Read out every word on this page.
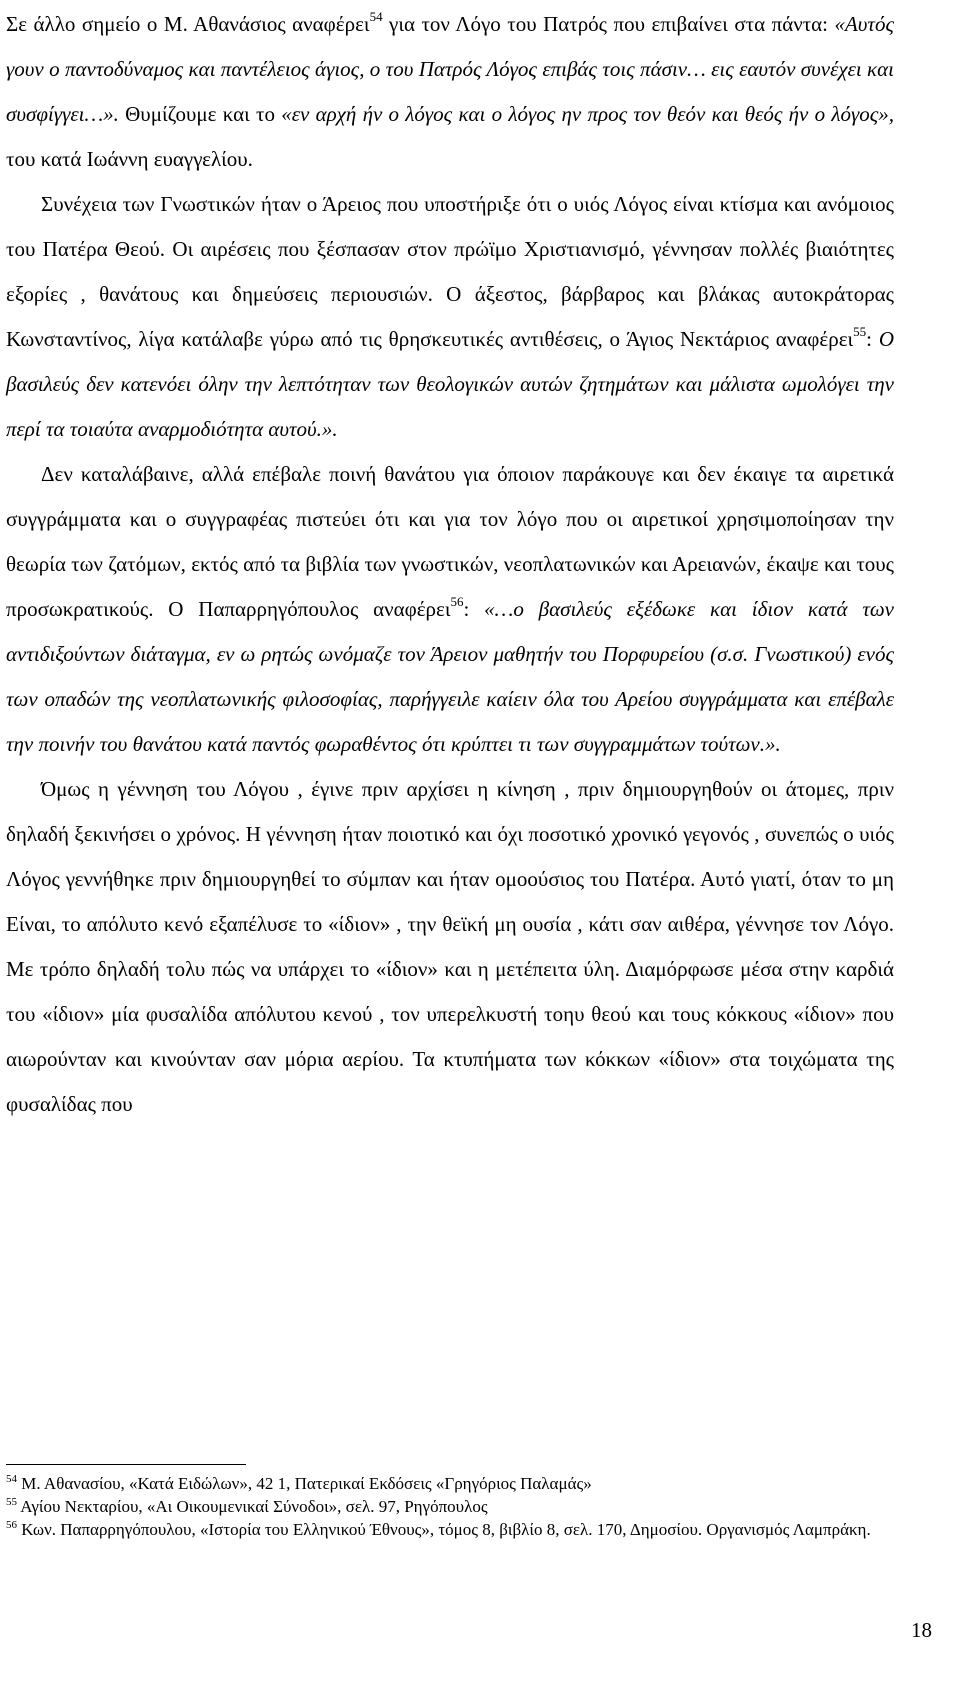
Σε άλλο σημείο ο Μ. Αθανάσιος αναφέρει$^{54}$ για τον Λόγο του Πατρός που επιβαίνει στα πάντα: «Αυτός γουν ο παντοδύναμος και παντέλειος άγιος, ο του Πατρός Λόγος επιβάς τοις πάσιν… εις εαυτόν συνέχει και συσφίγγει…». Θυμίζουμε και το «εν αρχή ήν ο λόγος και ο λόγος ην προς τον θεόν και θεός ήν ο λόγος», του κατά Ιωάννη ευαγγελίου.

Συνέχεια των Γνωστικών ήταν ο Άρειος που υποστήριξε ότι ο υιός Λόγος είναι κτίσμα και ανόμοιος του Πατέρα Θεού. Οι αιρέσεις που ξέσπασαν στον πρώϊμο Χριστιανισμό, γέννησαν πολλές βιαιότητες εξορίες , θανάτους και δημεύσεις περιουσιών. Ο άξεστος, βάρβαρος και βλάκας αυτοκράτορας Κωνσταντίνος, λίγα κατάλαβε γύρω από τις θρησκευτικές αντιθέσεις, ο Άγιος Νεκτάριος αναφέρει$^{55}$: Ο βασιλεύς δεν κατενόει όλην την λεπτότηταν των θεολογικών αυτών ζητημάτων και μάλιστα ωμολόγει την περί τα τοιαύτα αναρμοδιότητα αυτού.».

Δεν καταλάβαινε, αλλά επέβαλε ποινή θανάτου για όποιον παράκουγε και δεν έκαιγε τα αιρετικά συγγράμματα και ο συγγραφέας πιστεύει ότι και για τον λόγο που οι αιρετικοί χρησιμοποίησαν την θεωρία των ζατόμων, εκτός από τα βιβλία των γνωστικών, νεοπλατωνικών και Αρειανών, έκαψε και τους προσωκρατικούς. Ο Παπαρρηγόπουλος αναφέρει$^{56}$: «…ο βασιλεύς εξέδωκε και ίδιον κατά των αντιδιξούντων διάταγμα, εν ω ρητώς ωνόμαζε τον Άρειον μαθητήν του Πορφυρείου (σ.σ. Γνωστικού) ενός των οπαδών της νεοπλατωνικής φιλοσοφίας, παρήγγειλε καίειν όλα του Αρείου συγγράμματα και επέβαλε την ποινήν του θανάτου κατά παντός φωραθέντος ότι κρύπτει τι των συγγραμμάτων τούτων.».

Όμως η γέννηση του Λόγου , έγινε πριν αρχίσει η κίνηση , πριν δημιουργηθούν οι άτομες, πριν δηλαδή ξεκινήσει ο χρόνος. Η γέννηση ήταν ποιοτικό και όχι ποσοτικό χρονικό γεγονός , συνεπώς ο υιός Λόγος γεννήθηκε πριν δημιουργηθεί το σύμπαν και ήταν ομοούσιος του Πατέρα. Αυτό γιατί, όταν το μη Είναι, το απόλυτο κενό εξαπέλυσε το «ίδιον» , την θεϊκή μη ουσία , κάτι σαν αιθέρα, γέννησε τον Λόγο. Με τρόπο δηλαδή τολυ πώς να υπάρχει το «ίδιον» και η μετέπειτα ύλη. Διαμόρφωσε μέσα στην καρδιά του «ίδιον» μία φυσαλίδα απόλυτου κενού , τον υπερελκυστή τοηυ θεού και τους κόκκους «ίδιον» που αιωρούνταν και κινούνταν σαν μόρια αερίου. Τα κτυπήματα των κόκκων «ίδιον» στα τοιχώματα της φυσαλίδας που

$^{54}$ Μ. Αθανασίου, «Κατά Ειδώλων», 42 1, Πατερικαί Εκδόσεις «Γρηγόριος Παλαμάς»

$^{55}$ Αγίου Νεκταρίου, «Αι Οικουμενικαί Σύνοδοι», σελ. 97, Ρηγόπουλος

$^{56}$ Κων. Παπαρρηγόπουλου, «Ιστορία του Ελληνικού Έθνους», τόμος 8, βιβλίο 8, σελ. 170, Δημοσίου. Οργανισμός Λαμπράκη.

18
